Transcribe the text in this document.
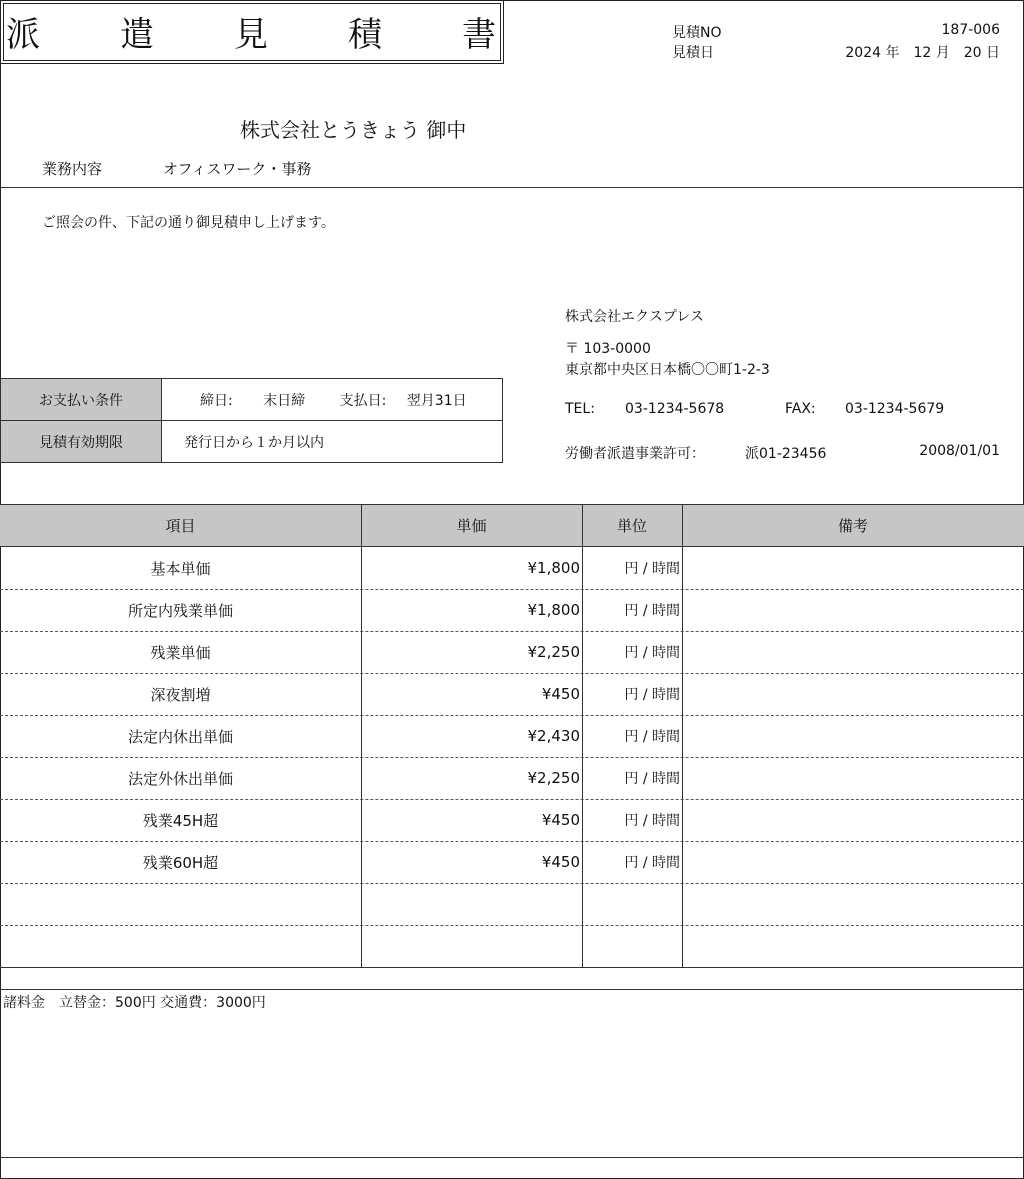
派 遣 見 積 書	見積NO	187-006
見積日	2024 年　12 月　20 日
株式会社とうきょう 御中
業務内容	オフィスワーク・事務
ご照会の件、下記の通り御見積申し上げます。
株式会社エクスプレス
〒 103-0000
東京都中央区日本橋〇〇町1-2-3
TEL: 03-1234-5678	FAX: 03-1234-5679
労働者派遣事業許可：	派01-23456	2008/01/01
お支払い条件	締日: 末日締 支払日: 翌月31日
見積有効期限	発行日から１か月以内
項目	単価	単位	備考
基本単価	¥1,800	円 / 時間
所定内残業単価	¥1,800	円 / 時間
残業単価	¥2,250	円 / 時間
深夜割増	¥450	円 / 時間
法定内休出単価	¥2,430	円 / 時間
法定外休出単価	¥2,250	円 / 時間
残業45H超	¥450	円 / 時間
残業60H超	¥450	円 / 時間
諸料金　立替金：500円 交通費：3000円
